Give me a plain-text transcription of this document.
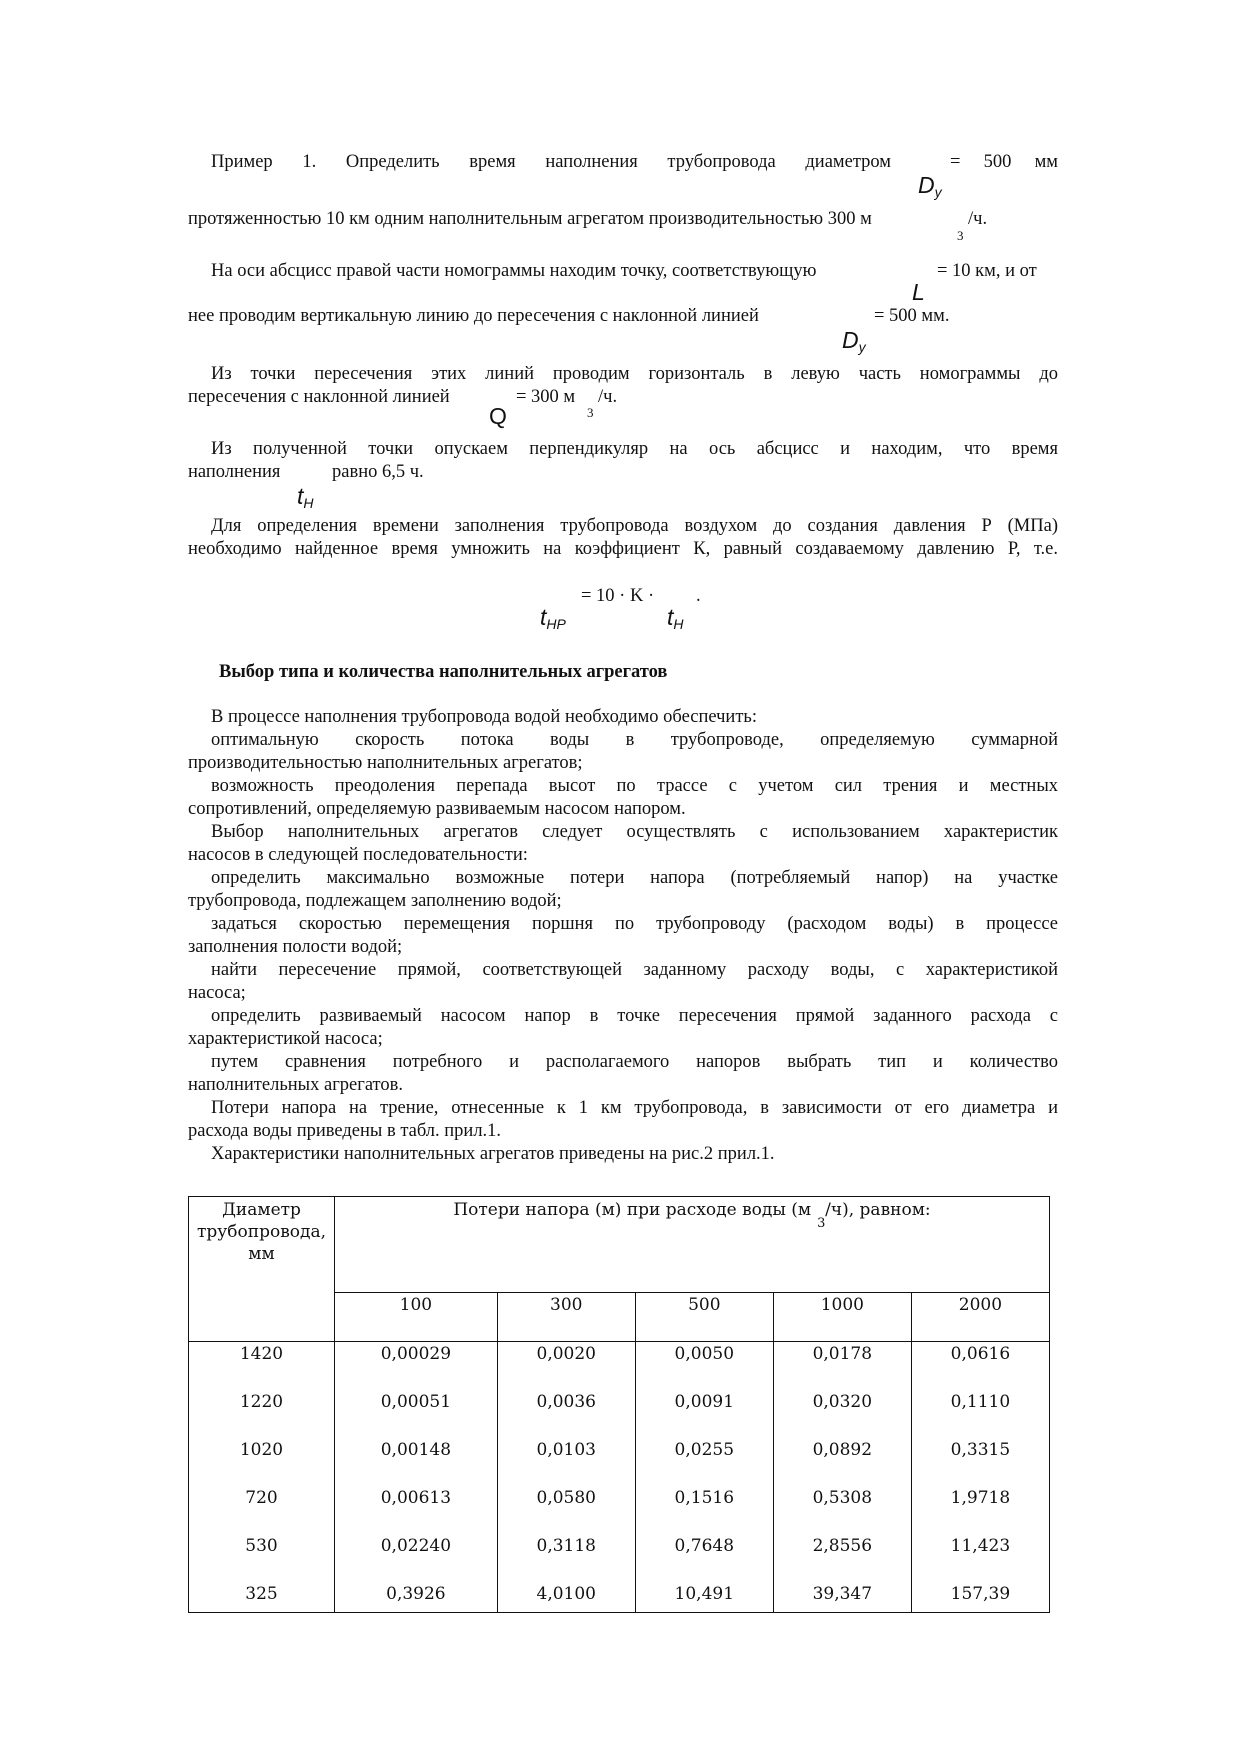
Пример 1. Определить время наполнения трубопровода диаметром	= 500 мм
$D_y$
протяженностью 10 км одним наполнительным агрегатом производительностью 300 м	/ч.
3
На оси абсцисс правой части номограммы находим точку, соответствующую	= 10 км, и от
L
нее проводим вертикальную линию до пересечения с наклонной линией	= 500 мм.
$D_y$
Из точки пересечения этих линий проводим горизонталь в левую часть номограммы до
пересечения с наклонной линией	= 300 м /ч.
Q	3
Из полученной точки опускаем перпендикуляр на ось абсцисс и находим, что время
наполнения	равно 6,5 ч.
$t_H$
Для определения времени заполнения трубопровода воздухом до создания давления Р (МПа)
необходимо найденное время умножить на коэффициент К, равный создаваемому давлению Р, т.е.
= 10 · K · .
$t_{HP}$	$t_H$
Выбор типа и количества наполнительных агрегатов
В процессе наполнения трубопровода водой необходимо обеспечить:
оптимальную скорость потока воды в трубопроводе, определяемую суммарной
производительностью наполнительных агрегатов;
возможность преодоления перепада высот по трассе с учетом сил трения и местных
сопротивлений, определяемую развиваемым насосом напором.
Выбор наполнительных агрегатов следует осуществлять с использованием характеристик
насосов в следующей последовательности:
определить максимально возможные потери напора (потребляемый напор) на участке
трубопровода, подлежащем заполнению водой;
задаться скоростью перемещения поршня по трубопроводу (расходом воды) в процессе
заполнения полости водой;
найти пересечение прямой, соответствующей заданному расходу воды, с характеристикой
насоса;
определить развиваемый насосом напор в точке пересечения прямой заданного расхода с
характеристикой насоса;
путем сравнения потребного и располагаемого напоров выбрать тип и количество
наполнительных агрегатов.
Потери напора на трение, отнесенные к 1 км трубопровода, в зависимости от его диаметра и
расхода воды приведены в табл. прил.1.
Характеристики наполнительных агрегатов приведены на рис.2 прил.1.
Диаметр трубопровода, мм	Потери напора (м) при расходе воды (м
3
/ч), равном:				
	100	300	500	1000	2000
1420	0,00029	0,0020	0,0050	0,0178	0,0616
1220	0,00051	0,0036	0,0091	0,0320	0,1110
1020	0,00148	0,0103	0,0255	0,0892	0,3315
720	0,00613	0,0580	0,1516	0,5308	1,9718
530	0,02240	0,3118	0,7648	2,8556	11,423
325	0,3926	4,0100	10,491	39,347	157,39
